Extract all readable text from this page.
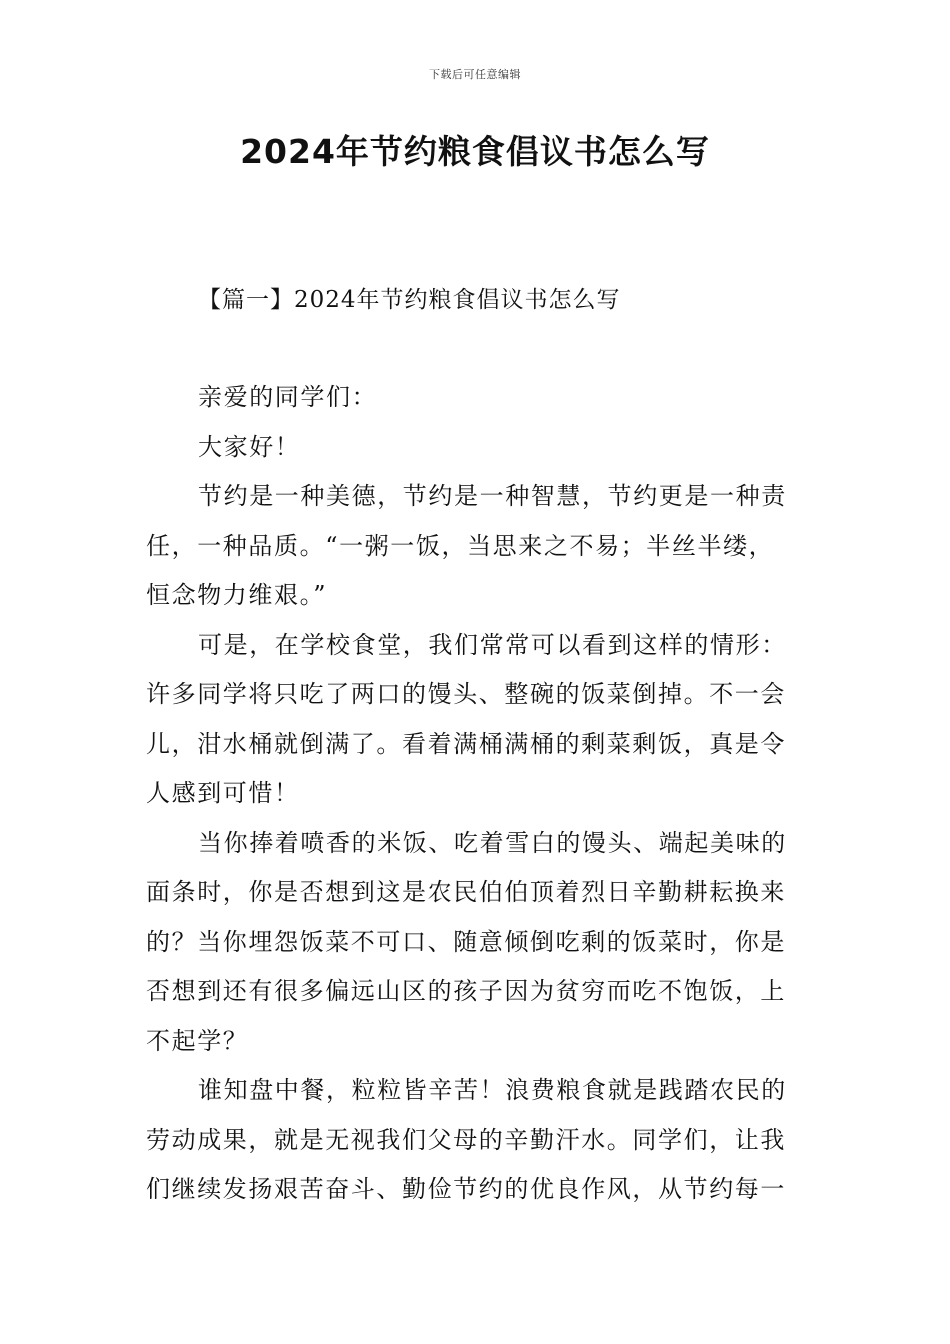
下载后可任意编辑
2024年节约粮食倡议书怎么写
【篇一】2024年节约粮食倡议书怎么写
亲爱的同学们：
大家好！
节约是一种美德，节约是一种智慧，节约更是一种责
任，一种品质。“一粥一饭，当思来之不易；半丝半缕，
恒念物力维艰。”
可是，在学校食堂，我们常常可以看到这样的情形：
许多同学将只吃了两口的馒头、整碗的饭菜倒掉。不一会
儿，泔水桶就倒满了。看着满桶满桶的剩菜剩饭，真是令
人感到可惜！
当你捧着喷香的米饭、吃着雪白的馒头、端起美味的
面条时，你是否想到这是农民伯伯顶着烈日辛勤耕耘换来
的？当你埋怨饭菜不可口、随意倾倒吃剩的饭菜时，你是
否想到还有很多偏远山区的孩子因为贫穷而吃不饱饭，上
不起学？
谁知盘中餐，粒粒皆辛苦！浪费粮食就是践踏农民的
劳动成果，就是无视我们父母的辛勤汗水。同学们，让我
们继续发扬艰苦奋斗、勤俭节约的优良作风，从节约每一
